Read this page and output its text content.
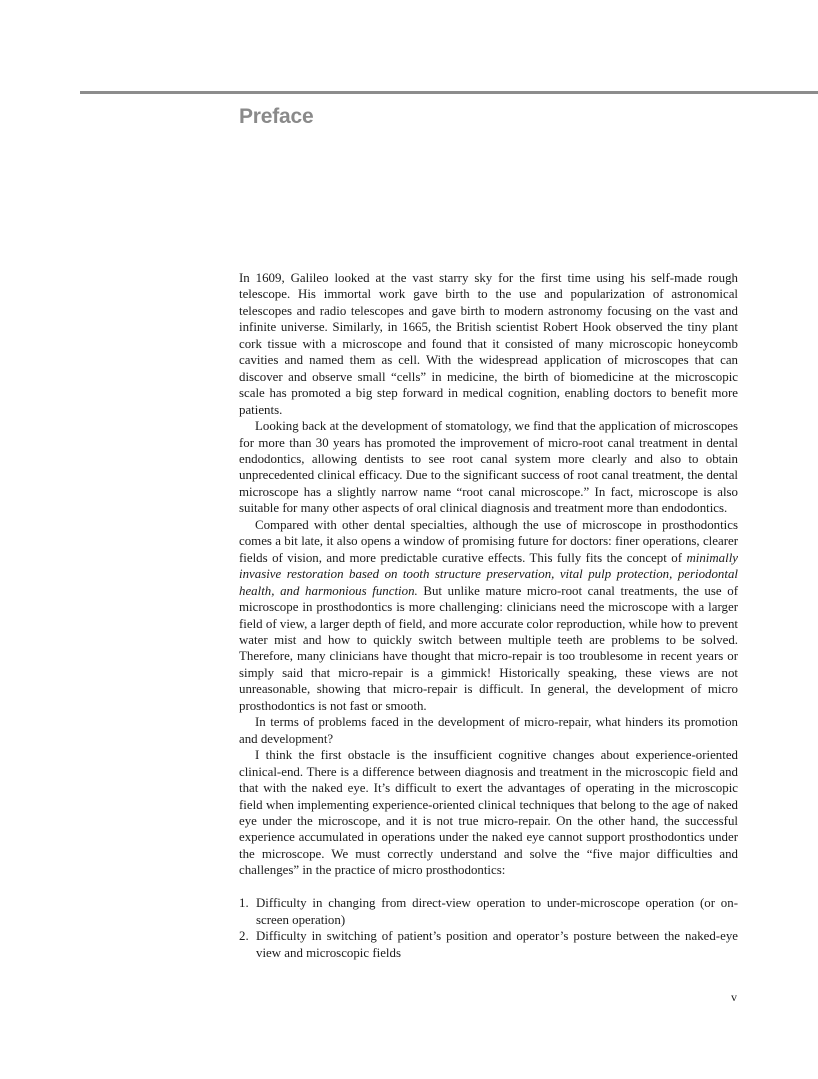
Preface

In 1609, Galileo looked at the vast starry sky for the first time using his self-made rough telescope. His immortal work gave birth to the use and popularization of astronomical telescopes and radio telescopes and gave birth to modern astronomy focusing on the vast and infinite universe. Similarly, in 1665, the British scientist Robert Hook observed the tiny plant cork tissue with a microscope and found that it consisted of many microscopic honeycomb cavities and named them as cell. With the widespread application of microscopes that can discover and observe small “cells” in medicine, the birth of biomedicine at the microscopic scale has promoted a big step forward in medical cognition, enabling doctors to benefit more patients.

Looking back at the development of stomatology, we find that the application of microscopes for more than 30 years has promoted the improvement of micro-root canal treatment in dental endodontics, allowing dentists to see root canal system more clearly and also to obtain unprecedented clinical efficacy. Due to the significant success of root canal treatment, the dental microscope has a slightly narrow name “root canal microscope.” In fact, microscope is also suitable for many other aspects of oral clinical diagnosis and treatment more than endodontics.

Compared with other dental specialties, although the use of microscope in prosthodontics comes a bit late, it also opens a window of promising future for doctors: finer operations, clearer fields of vision, and more predictable curative effects. This fully fits the concept of minimally invasive restoration based on tooth structure preservation, vital pulp protection, periodontal health, and harmonious function. But unlike mature micro-root canal treatments, the use of microscope in prosthodontics is more challenging: clinicians need the microscope with a larger field of view, a larger depth of field, and more accurate color reproduction, while how to prevent water mist and how to quickly switch between multiple teeth are problems to be solved. Therefore, many clinicians have thought that micro-repair is too troublesome in recent years or simply said that micro-repair is a gimmick! Historically speaking, these views are not unreasonable, showing that micro-repair is difficult. In general, the development of micro prosthodontics is not fast or smooth.

In terms of problems faced in the development of micro-repair, what hinders its promotion and development?

I think the first obstacle is the insufficient cognitive changes about experience-oriented clinical-end. There is a difference between diagnosis and treatment in the microscopic field and that with the naked eye. It’s difficult to exert the advantages of operating in the microscopic field when implementing experience-oriented clinical techniques that belong to the age of naked eye under the microscope, and it is not true micro-repair. On the other hand, the successful experience accumulated in operations under the naked eye cannot support prosthodontics under the microscope. We must correctly understand and solve the “five major difficulties and challenges” in the practice of micro prosthodontics:

1. Difficulty in changing from direct-view operation to under-microscope operation (or on-screen operation)
2. Difficulty in switching of patient’s position and operator’s posture between the naked-eye view and microscopic fields
v
